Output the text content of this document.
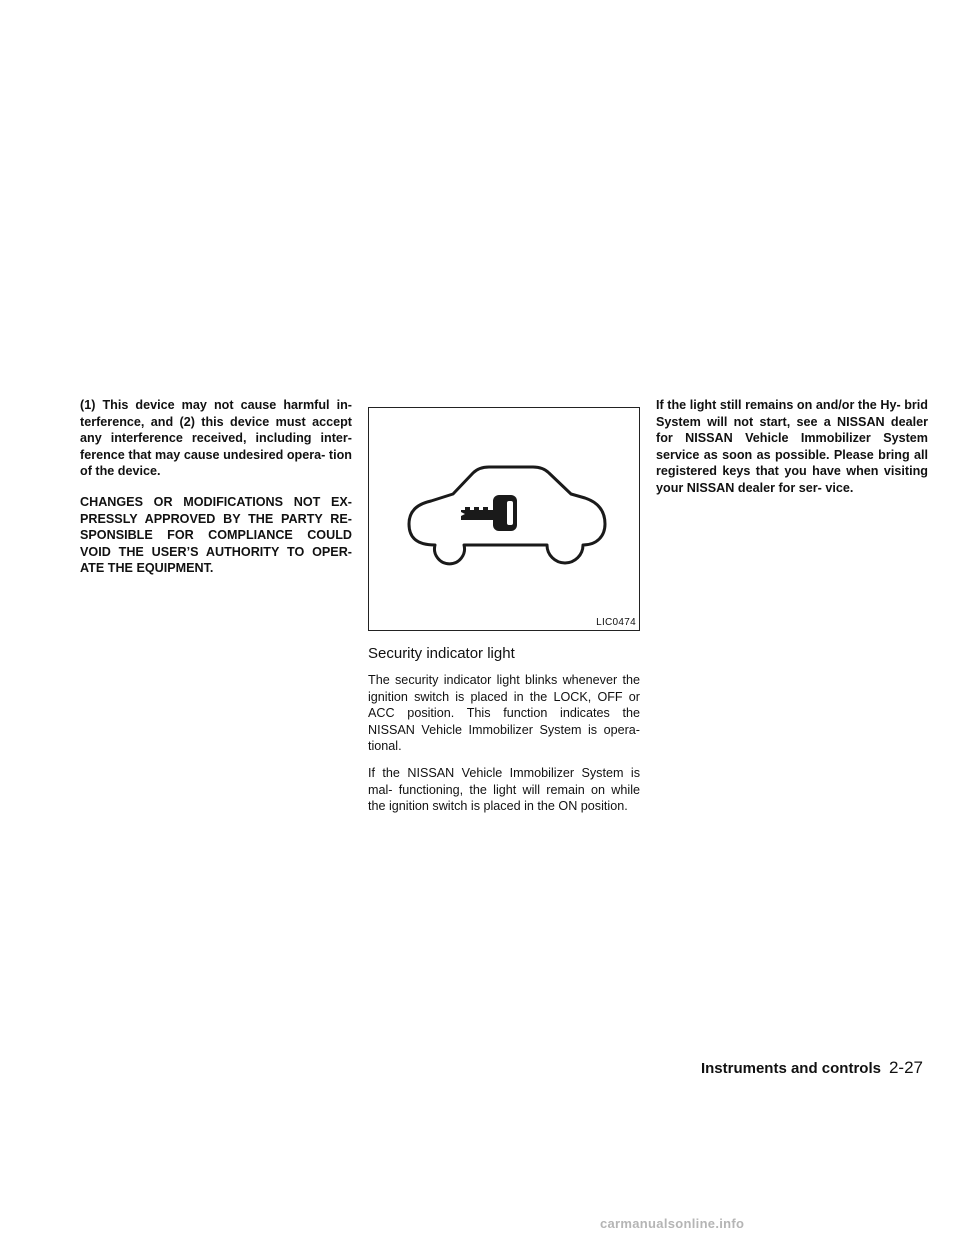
(1) This device may not cause harmful in- terference, and (2) this device must accept any interference received, including inter- ference that may cause undesired opera- tion of the device.

CHANGES OR MODIFICATIONS NOT EX- PRESSLY APPROVED BY THE PARTY RE- SPONSIBLE FOR COMPLIANCE COULD VOID THE USER’S AUTHORITY TO OPER- ATE THE EQUIPMENT.

LIC0474
Security indicator light

The security indicator light blinks whenever the ignition switch is placed in the LOCK, OFF or ACC position. This function indicates the NISSAN Vehicle Immobilizer System is opera- tional.

If the NISSAN Vehicle Immobilizer System is mal- functioning, the light will remain on while the ignition switch is placed in the ON position.

If the light still remains on and/or the Hy- brid System will not start, see a NISSAN dealer for NISSAN Vehicle Immobilizer System service as soon as possible. Please bring all registered keys that you have when visiting your NISSAN dealer for ser- vice.

Instruments and controls 2-27
carmanualsonline.info
